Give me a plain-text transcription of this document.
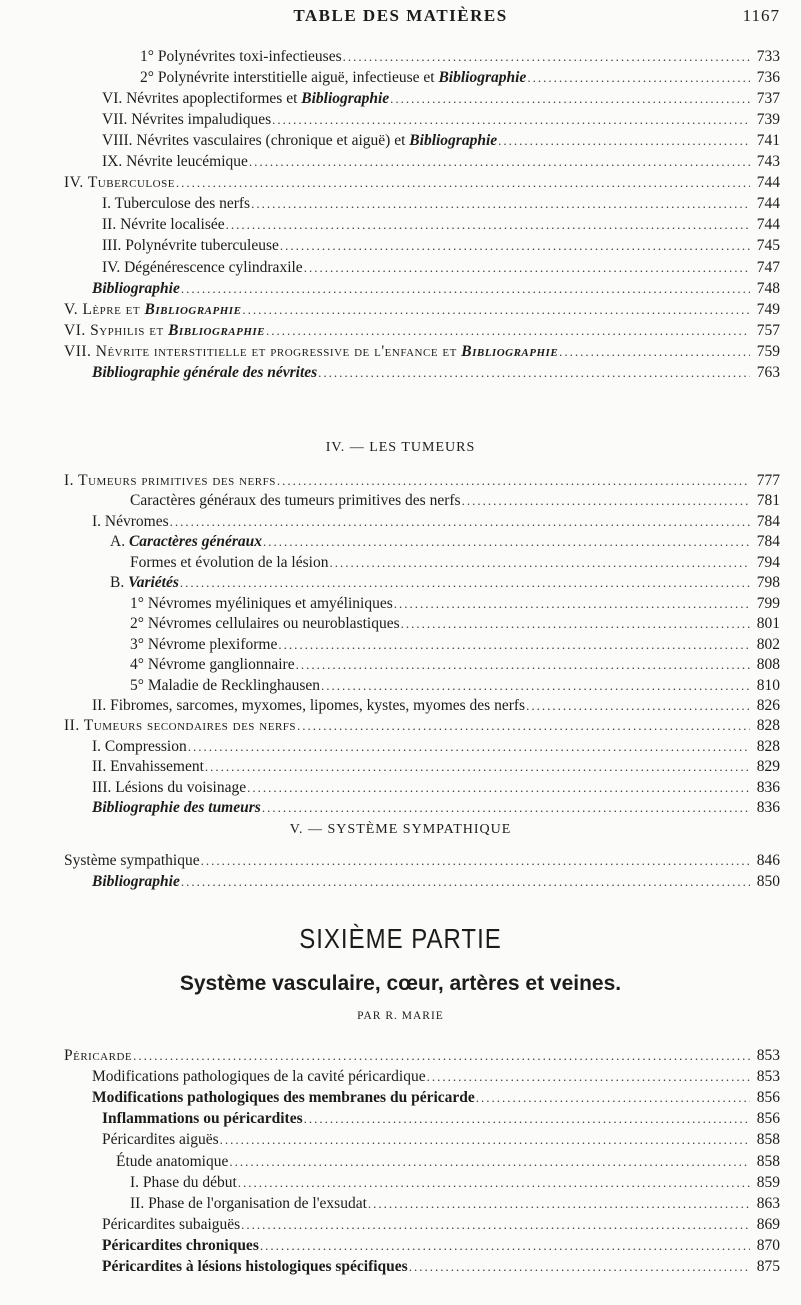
TABLE DES MATIÈRES	1167
1° Polynévrites toxi-infectieuses .....	733
2° Polynévrite interstitielle aiguë, infectieuse et Bibliographie .....	736
VI. Névrites apoplectiformes et Bibliographie .....	737
VII. Névrites impaludiques .....	739
VIII. Névrites vasculaires (chronique et aiguë) et Bibliographie .....	741
IX. Névrite leucémique .....	743
IV. Tuberculose .....	744
I. Tuberculose des nerfs .....	744
II. Névrite localisée .....	744
III. Polynévrite tuberculeuse .....	745
IV. Dégénérescence cylindraxile .....	747
Bibliographie .....	748
V. Lèpre et Bibliographie .....	749
VI. Syphilis et Bibliographie .....	757
VII. Névrite interstitielle et progressive de l'enfance et Bibliographie .....	759
Bibliographie générale des névrites .....	763
IV. — LES TUMEURS
I. Tumeurs primitives des nerfs .....	777
Caractères généraux des tumeurs primitives des nerfs .....	781
I. Névromes .....	784
A. Caractères généraux .....	784
Formes et évolution de la lésion .....	794
B. Variétés .....	798
1° Névromes myéliniques et amyéliniques .....	799
2° Névromes cellulaires ou neuroblastiques .....	801
3° Névrome plexiforme .....	802
4° Névrome ganglionnaire .....	808
5° Maladie de Recklinghausen .....	810
II. Fibromes, sarcomes, myxomes, lipomes, kystes, myomes des nerfs .....	826
II. Tumeurs secondaires des nerfs .....	828
I. Compression .....	828
II. Envahissement .....	829
III. Lésions du voisinage .....	836
Bibliographie des tumeurs .....	836
V. — SYSTÈME SYMPATHIQUE
Système sympathique .....	846
Bibliographie .....	850
SIXIÈME PARTIE
Système vasculaire, cœur, artères et veines.
PAR R. MARIE
Péricarde .....	853
Modifications pathologiques de la cavité péricardique .....	853
Modifications pathologiques des membranes du péricarde .....	856
Inflammations ou péricardites .....	856
Péricardites aiguës .....	858
Étude anatomique .....	858
I. Phase du début .....	859
II. Phase de l'organisation de l'exsudat .....	863
Péricardites subaiguës .....	869
Péricardites chroniques .....	870
Péricardites à lésions histologiques spécifiques .....	875
